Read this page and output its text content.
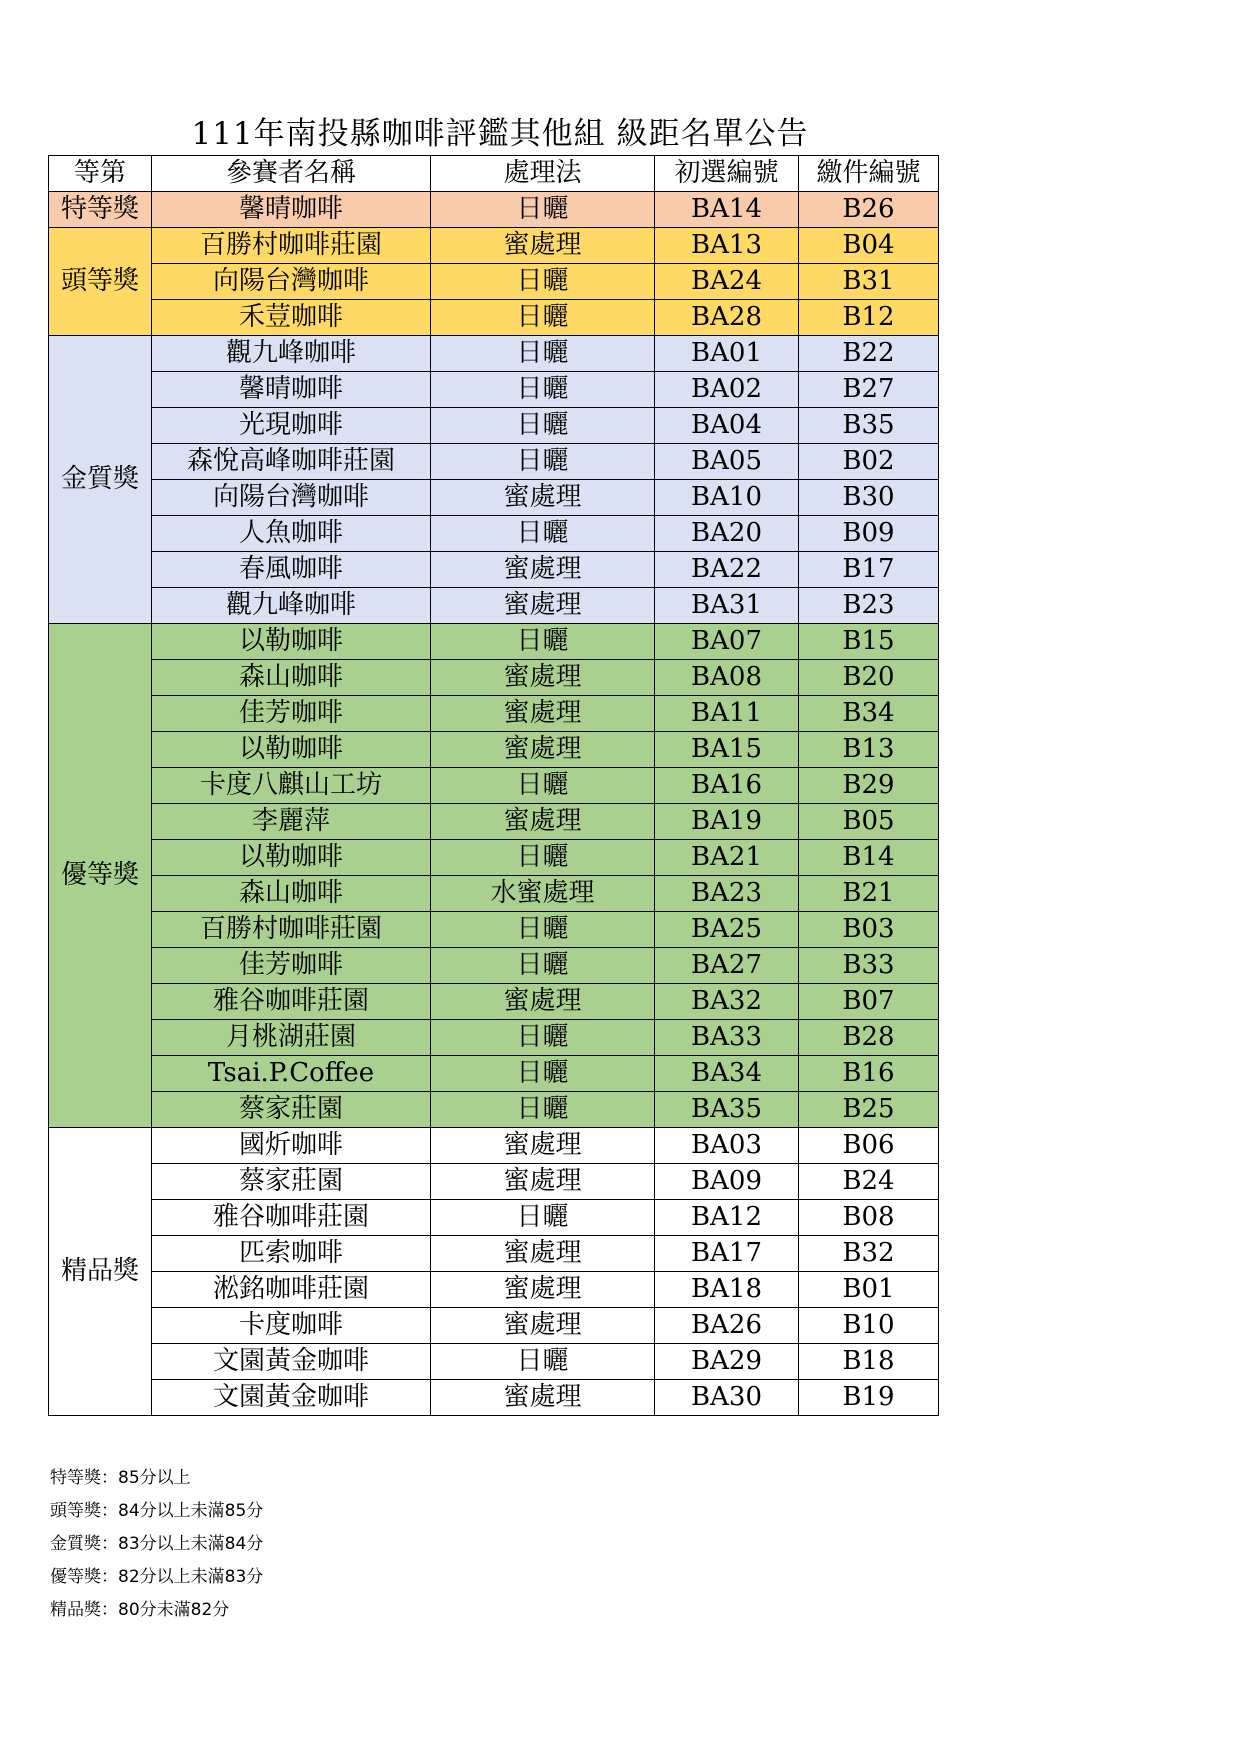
111年南投縣咖啡評鑑其他組 級距名單公告
等第	參賽者名稱	處理法	初選編號	繳件編號
特等獎	馨晴咖啡	日曬	BA14	B26
頭等獎	百勝村咖啡莊園	蜜處理	BA13	B04
	向陽台灣咖啡	日曬	BA24	B31
	禾荳咖啡	日曬	BA28	B12
金質獎	觀九峰咖啡	日曬	BA01	B22
	馨晴咖啡	日曬	BA02	B27
	光現咖啡	日曬	BA04	B35
	森悅高峰咖啡莊園	日曬	BA05	B02
	向陽台灣咖啡	蜜處理	BA10	B30
	人魚咖啡	日曬	BA20	B09
	春風咖啡	蜜處理	BA22	B17
	觀九峰咖啡	蜜處理	BA31	B23
優等獎	以勒咖啡	日曬	BA07	B15
	森山咖啡	蜜處理	BA08	B20
	佳芳咖啡	蜜處理	BA11	B34
	以勒咖啡	蜜處理	BA15	B13
	卡度八麒山工坊	日曬	BA16	B29
	李麗萍	蜜處理	BA19	B05
	以勒咖啡	日曬	BA21	B14
	森山咖啡	水蜜處理	BA23	B21
	百勝村咖啡莊園	日曬	BA25	B03
	佳芳咖啡	日曬	BA27	B33
	雅谷咖啡莊園	蜜處理	BA32	B07
	月桃湖莊園	日曬	BA33	B28
	Tsai.P.Coffee	日曬	BA34	B16
	蔡家莊園	日曬	BA35	B25
精品獎	國炘咖啡	蜜處理	BA03	B06
	蔡家莊園	蜜處理	BA09	B24
	雅谷咖啡莊園	日曬	BA12	B08
	匹索咖啡	蜜處理	BA17	B32
	淞銘咖啡莊園	蜜處理	BA18	B01
	卡度咖啡	蜜處理	BA26	B10
	文園黃金咖啡	日曬	BA29	B18
	文園黃金咖啡	蜜處理	BA30	B19
特等獎：85分以上
頭等獎：84分以上未滿85分
金質獎：83分以上未滿84分
優等獎：82分以上未滿83分
精品獎：80分未滿82分
